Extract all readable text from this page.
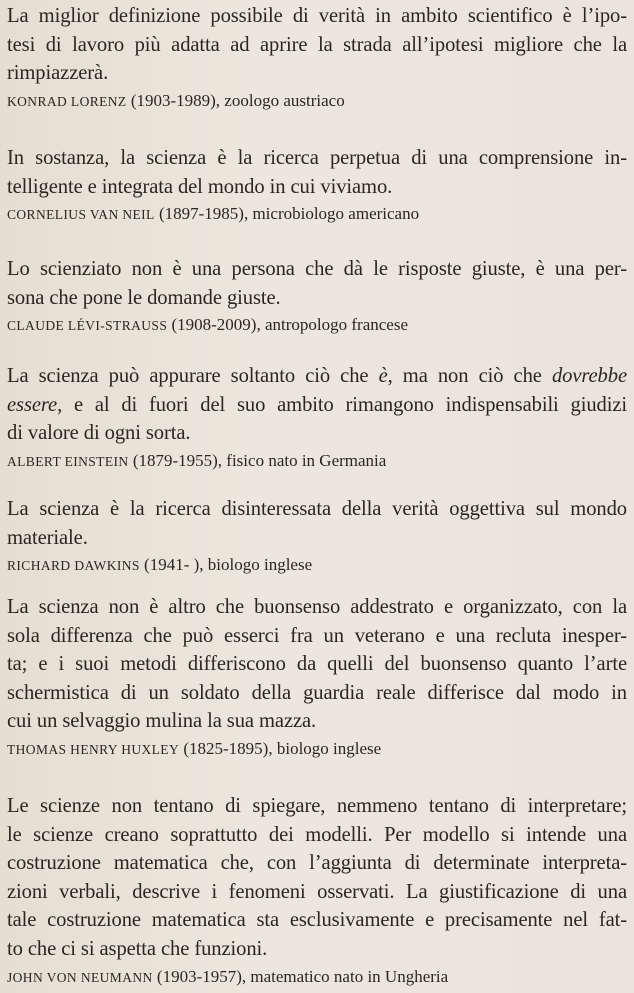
La miglior definizione possibile di verità in ambito scientifico è l’ipo-
tesi di lavoro più adatta ad aprire la strada all’ipotesi migliore che la
rimpiazzerà.

KONRAD LORENZ (1903-1989), zoologo austriaco

In sostanza, la scienza è la ricerca perpetua di una comprensione in-
telligente e integrata del mondo in cui viviamo.

CORNELIUS VAN NEIL (1897-1985), microbiologo americano

Lo scienziato non è una persona che dà le risposte giuste, è una per-
sona che pone le domande giuste.

CLAUDE LÉVI-STRAUSS (1908-2009), antropologo francese

La scienza può appurare soltanto ciò che è, ma non ciò che dovrebbe
essere, e al di fuori del suo ambito rimangono indispensabili giudizi
di valore di ogni sorta.

ALBERT EINSTEIN (1879-1955), fisico nato in Germania

La scienza è la ricerca disinteressata della verità oggettiva sul mondo
materiale.

RICHARD DAWKINS (1941- ), biologo inglese

La scienza non è altro che buonsenso addestrato e organizzato, con la
sola differenza che può esserci fra un veterano e una recluta inesper-
ta; e i suoi metodi differiscono da quelli del buonsenso quanto l’arte
schermistica di un soldato della guardia reale differisce dal modo in
cui un selvaggio mulina la sua mazza.

THOMAS HENRY HUXLEY (1825-1895), biologo inglese

Le scienze non tentano di spiegare, nemmeno tentano di interpretare;
le scienze creano soprattutto dei modelli. Per modello si intende una
costruzione matematica che, con l’aggiunta di determinate interpreta-
zioni verbali, descrive i fenomeni osservati. La giustificazione di una
tale costruzione matematica sta esclusivamente e precisamente nel fat-
to che ci si aspetta che funzioni.

JOHN VON NEUMANN (1903-1957), matematico nato in Ungheria
